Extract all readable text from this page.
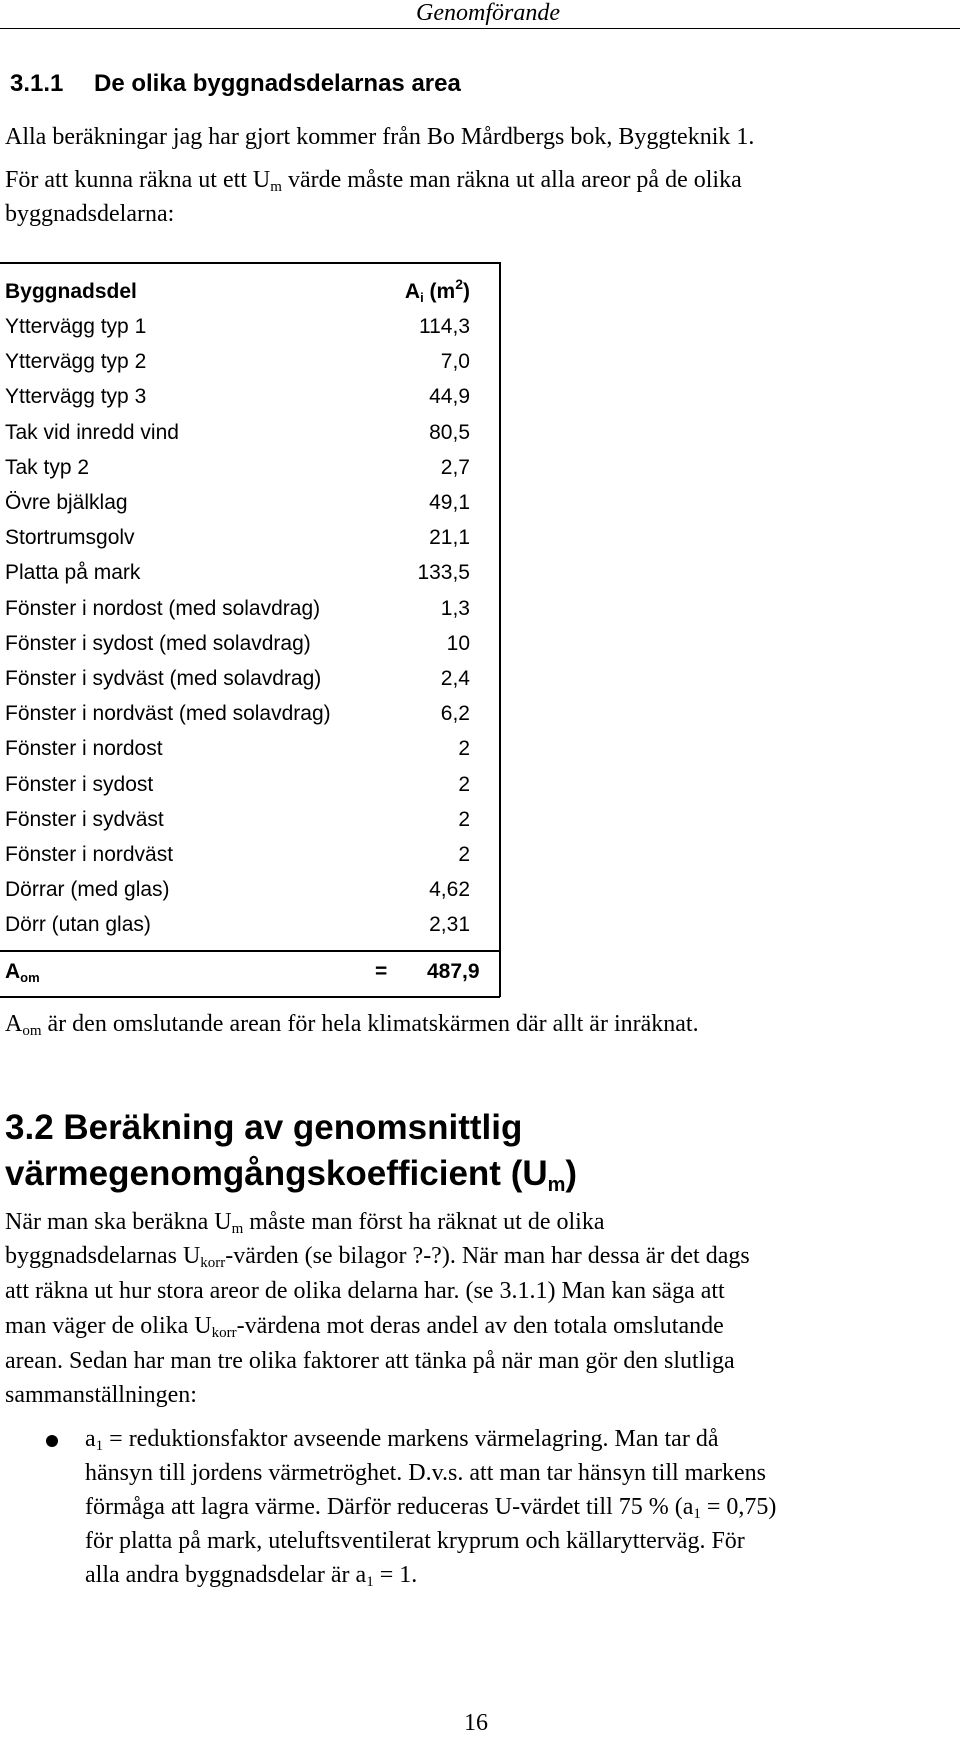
Genomförande
3.1.1 De olika byggnadsdelarnas area
Alla beräkningar jag har gjort kommer från Bo Mårdbergs bok, Byggteknik 1.
För att kunna räkna ut ett $U_m$ värde måste man räkna ut alla areor på de olika
byggnadsdelarna:
Byggnadsdel	$A_i$ $(m^2)$
Yttervägg typ 1	114,3
Yttervägg typ 2	7,0
Yttervägg typ 3	44,9
Tak vid inredd vind	80,5
Tak typ 2	2,7
Övre bjälklag	49,1
Stortrumsgolv	21,1
Platta på mark	133,5
Fönster i nordost (med solavdrag)	1,3
Fönster i sydost (med solavdrag)	10
Fönster i sydväst (med solavdrag)	2,4
Fönster i nordväst (med solavdrag)	6,2
Fönster i nordost	2
Fönster i sydost	2
Fönster i sydväst	2
Fönster i nordväst	2
Dörrar (med glas)	4,62
Dörr (utan glas)	2,31
$A_{om}$	= 487,9
$A_{om}$ är den omslutande arean för hela klimatskärmen där allt är inräknat.
3.2 Beräkning av genomsnittlig
värmegenomgångskoefficient $(U_m)$
När man ska beräkna $U_m$ måste man först ha räknat ut de olika
byggnadsdelarnas $U_{korr}$-värden (se bilagor ?-?). När man har dessa är det dags
att räkna ut hur stora areor de olika delarna har. (se 3.1.1) Man kan säga att
man väger de olika $U_{korr}$-värdena mot deras andel av den totala omslutande
arean. Sedan har man tre olika faktorer att tänka på när man gör den slutliga
sammanställningen:
$a_1$ = reduktionsfaktor avseende markens värmelagring. Man tar då
hänsyn till jordens värmetröghet. D.v.s. att man tar hänsyn till markens
förmåga att lagra värme. Därför reduceras U-värdet till 75 % $(a_1 = 0,75)$
för platta på mark, uteluftsventilerat kryprum och källarytterväg. För
alla andra byggnadsdelar är $a_1 = 1$.
16
